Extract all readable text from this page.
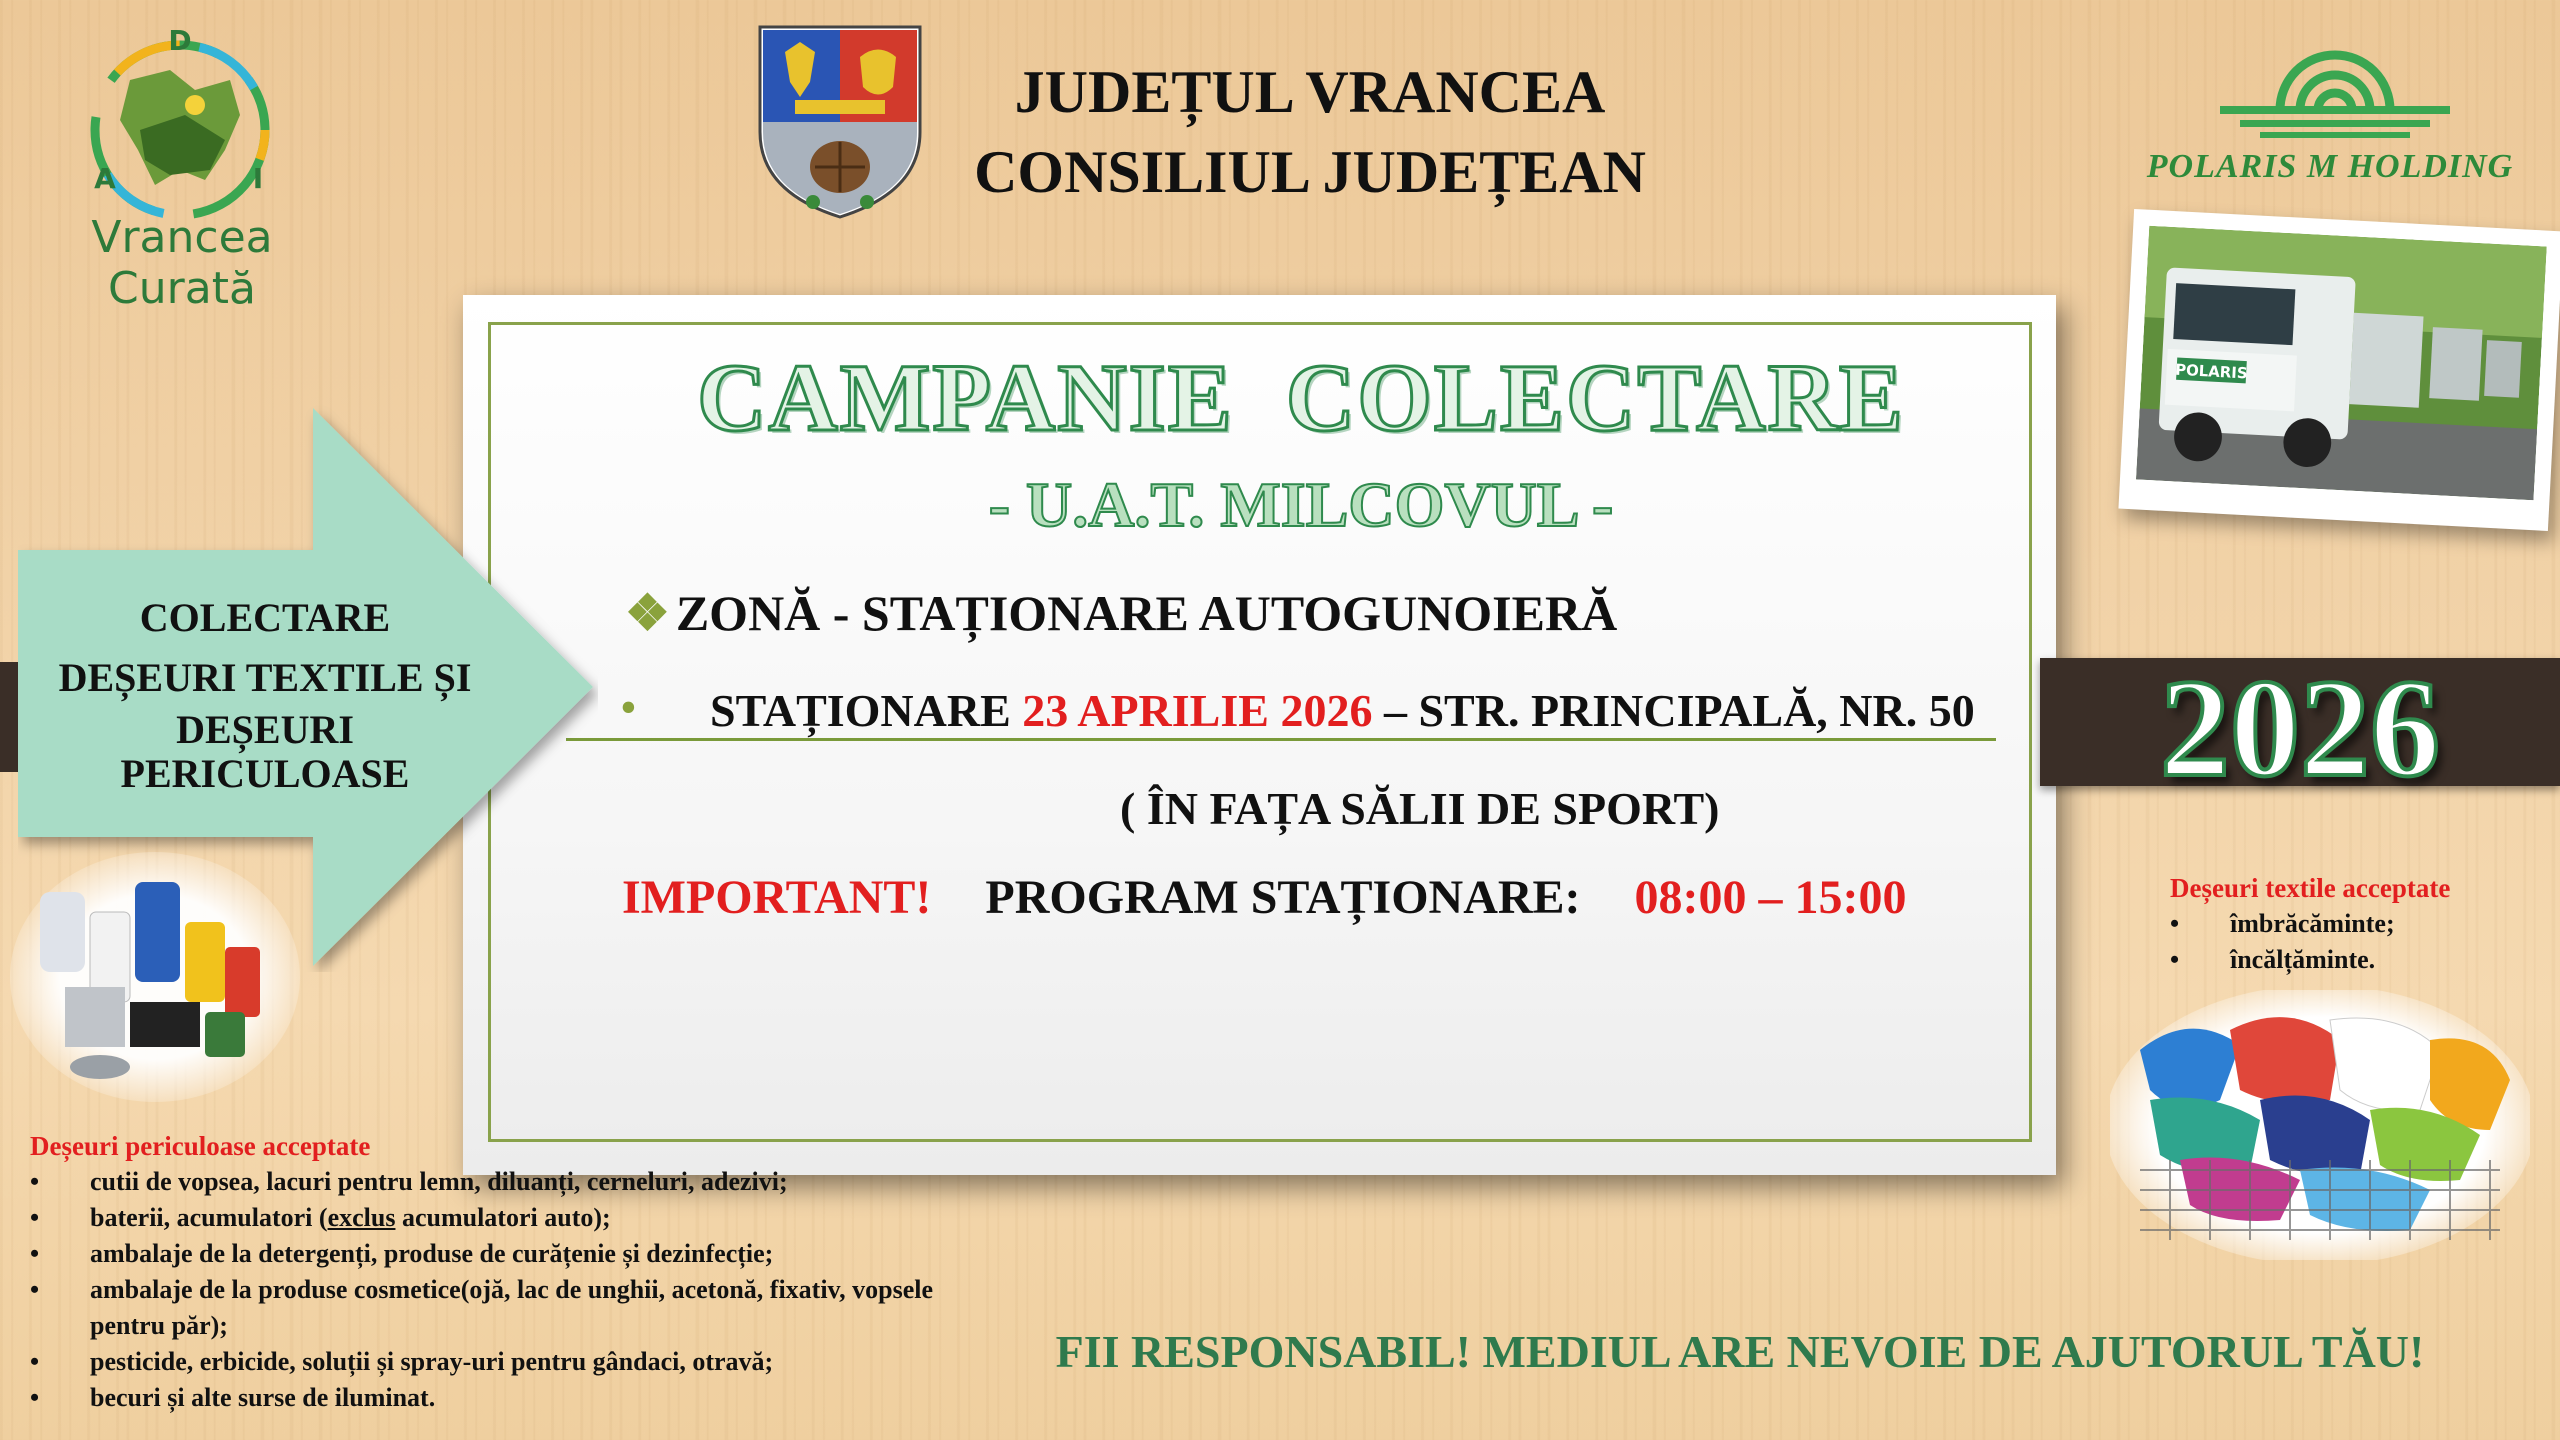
D
A	I
Vrancea Curată
JUDEȚUL VRANCEA
CONSILIUL JUDEȚEAN	POLARIS M HOLDING
POLARIS
2026
CAMPANIE  COLECTARE
- U.A.T. MILCOVUL -
❖ ZONĂ - STAȚIONARE AUTOGUNOIERĂ
• STAȚIONARE 23 APRILIE 2026 – STR. PRINCIPALĂ, NR. 50
( ÎN FAȚA SĂLII DE SPORT)
IMPORTANT! PROGRAM STAȚIONARE: 08:00 – 15:00
COLECTARE
DEȘEURI TEXTILE ȘI
DEȘEURI
PERICULOASE
Deșeuri periculoase acceptate
• cutii de vopsea, lacuri pentru lemn, diluanți, cerneluri, adezivi;
• baterii, acumulatori (exclus acumulatori auto);
• ambalaje de la detergenți, produse de curățenie și dezinfecție;
• ambalaje de la produse cosmetice(ojă, lac de unghii, acetonă, fixativ, vopsele pentru păr);
• pesticide, erbicide, soluții și spray-uri pentru gândaci, otravă;
• becuri și alte surse de iluminat.
Deșeuri textile acceptate
• îmbrăcăminte;
• încălțăminte.
FII RESPONSABIL! MEDIUL ARE NEVOIE DE AJUTORUL TĂU!
